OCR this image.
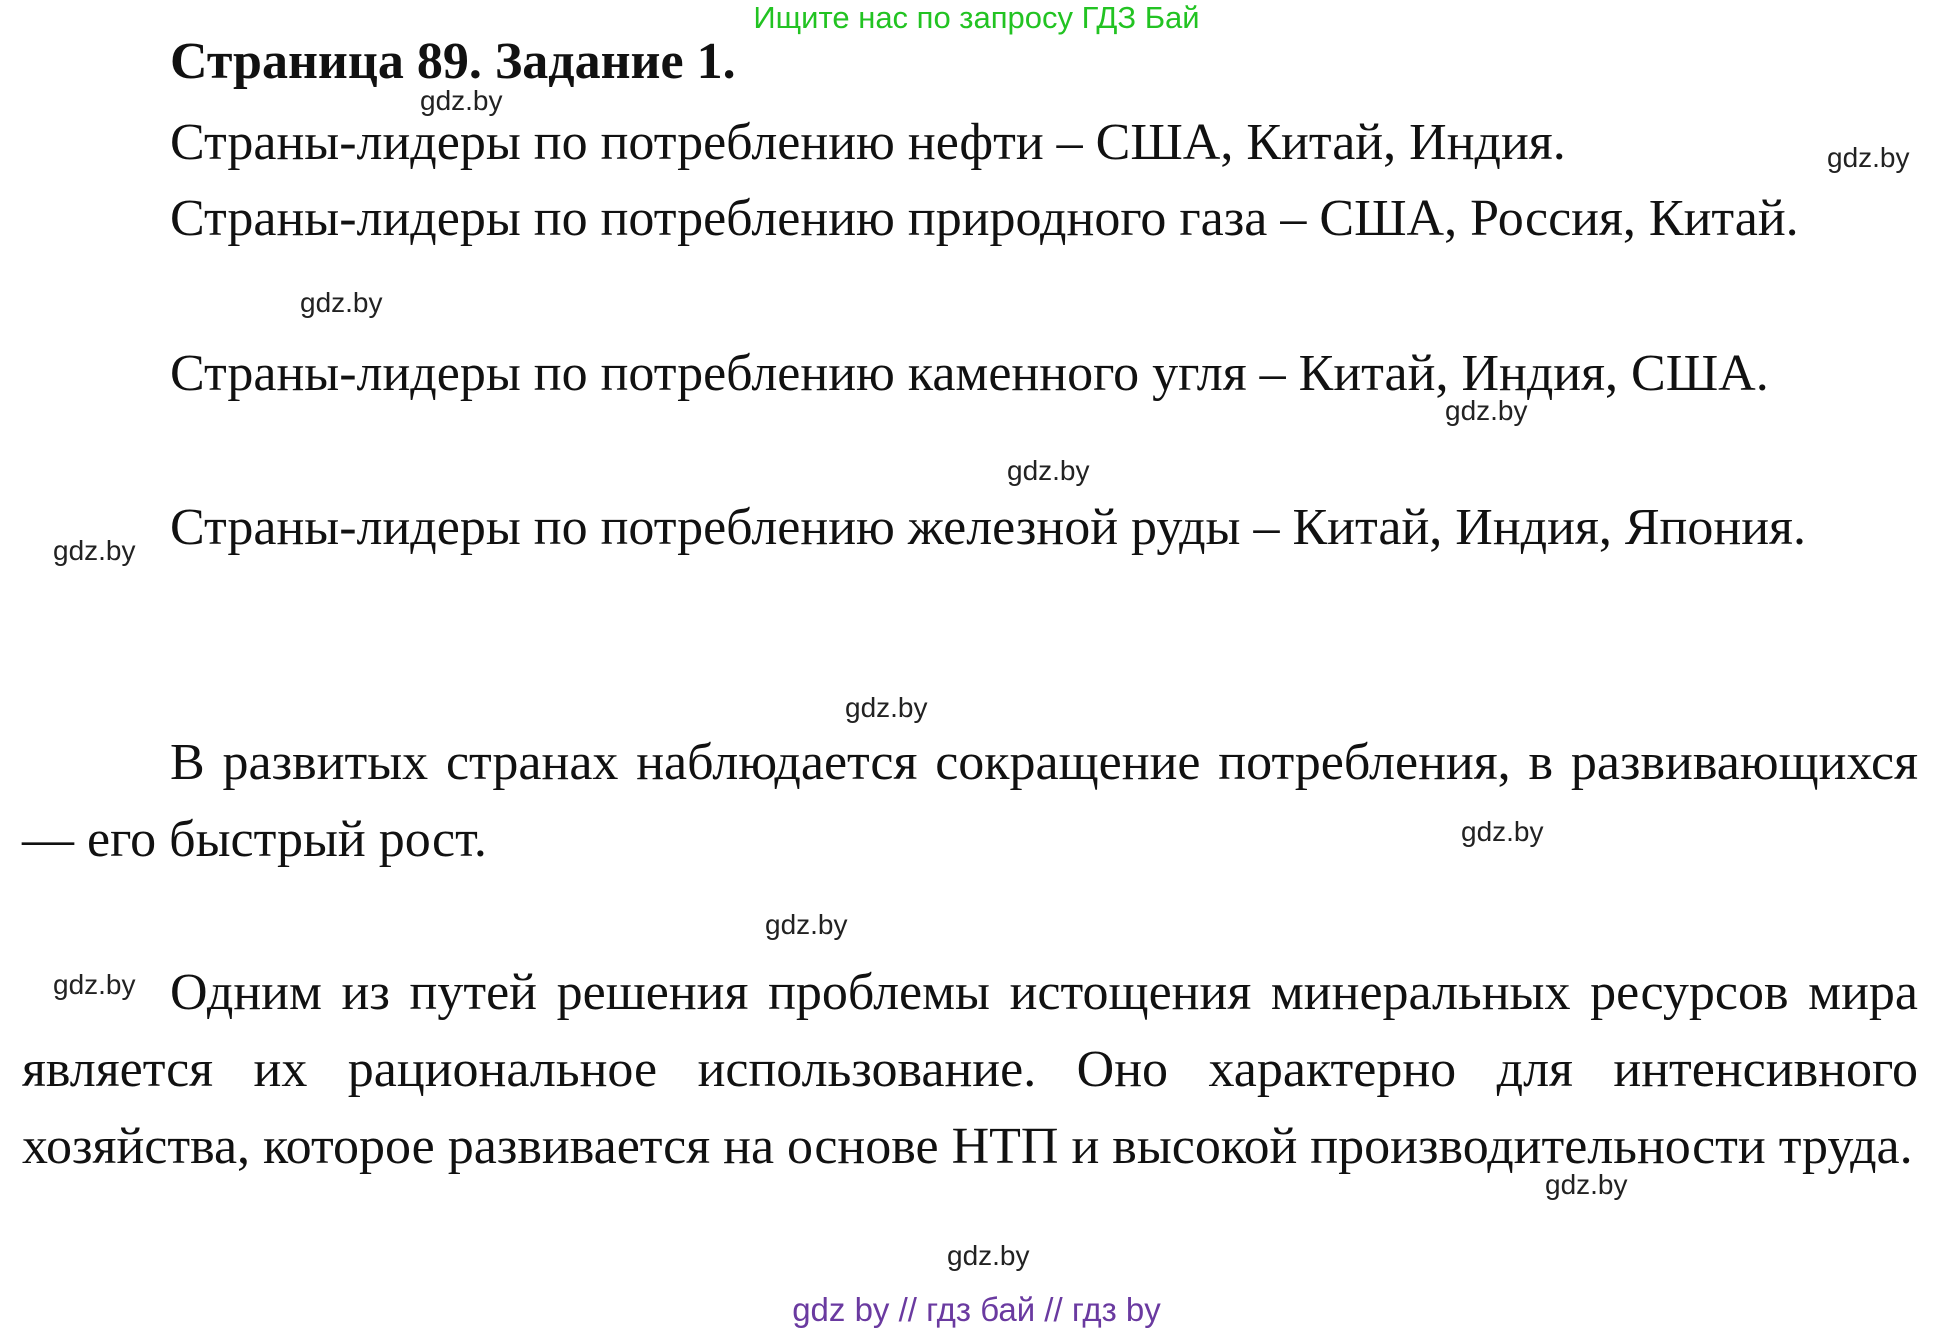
Ищите нас по запросу ГДЗ Бай
Страница 89. Задание 1.

Страны-лидеры по потреблению нефти – США, Китай, Индия.

Страны-лидеры по потреблению природного газа – США, Россия, Китай.

Страны-лидеры по потреблению каменного угля – Китай, Индия, США.

Страны-лидеры по потреблению железной руды – Китай, Индия, Япония.

В развитых странах наблюдается сокращение потребления, в развивающихся — его быстрый рост.

Одним из путей решения проблемы истощения минеральных ресурсов мира является их рациональное использование. Оно характерно для интенсивного хозяйства, которое развивается на основе НТП и высокой производительности труда.

gdz.by
gdz.by
gdz.by
gdz.by
gdz.by
gdz.by
gdz.by
gdz.by
gdz.by
gdz.by
gdz.by
gdz.by
gdz by // гдз бай // гдз by
